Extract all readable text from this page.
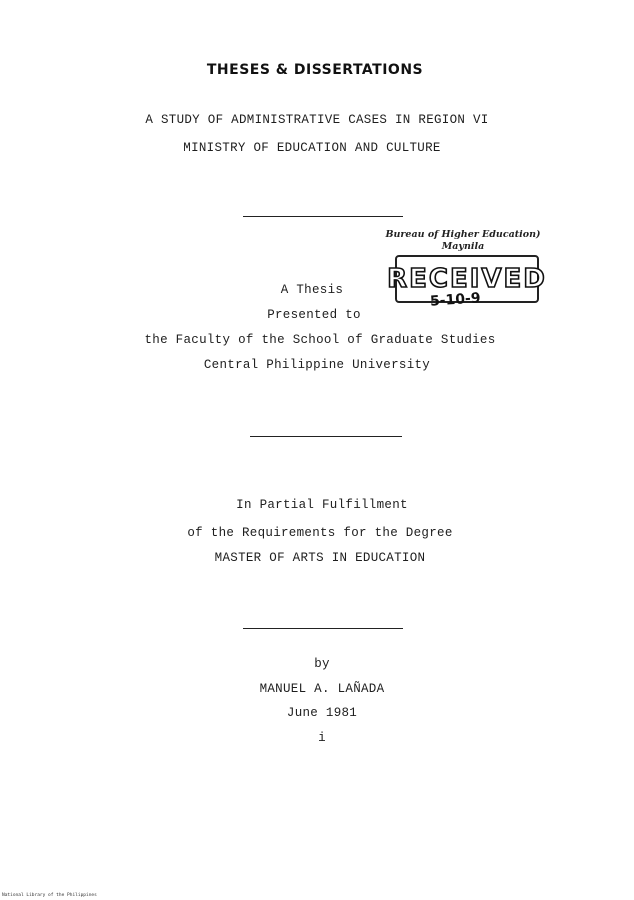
THESES & DISSERTATIONS
A STUDY OF ADMINISTRATIVE CASES IN REGION VI
MINISTRY OF EDUCATION AND CULTURE
Bureau of Higher Education)
Maynila
RECEIVED
5-10-9
A Thesis
Presented to
the Faculty of the School of Graduate Studies
Central Philippine University
In Partial Fulfillment
of the Requirements for the Degree
MASTER OF ARTS IN EDUCATION
by
MANUEL A. LAÑADA
June 1981
i
National Library of the Philippines
